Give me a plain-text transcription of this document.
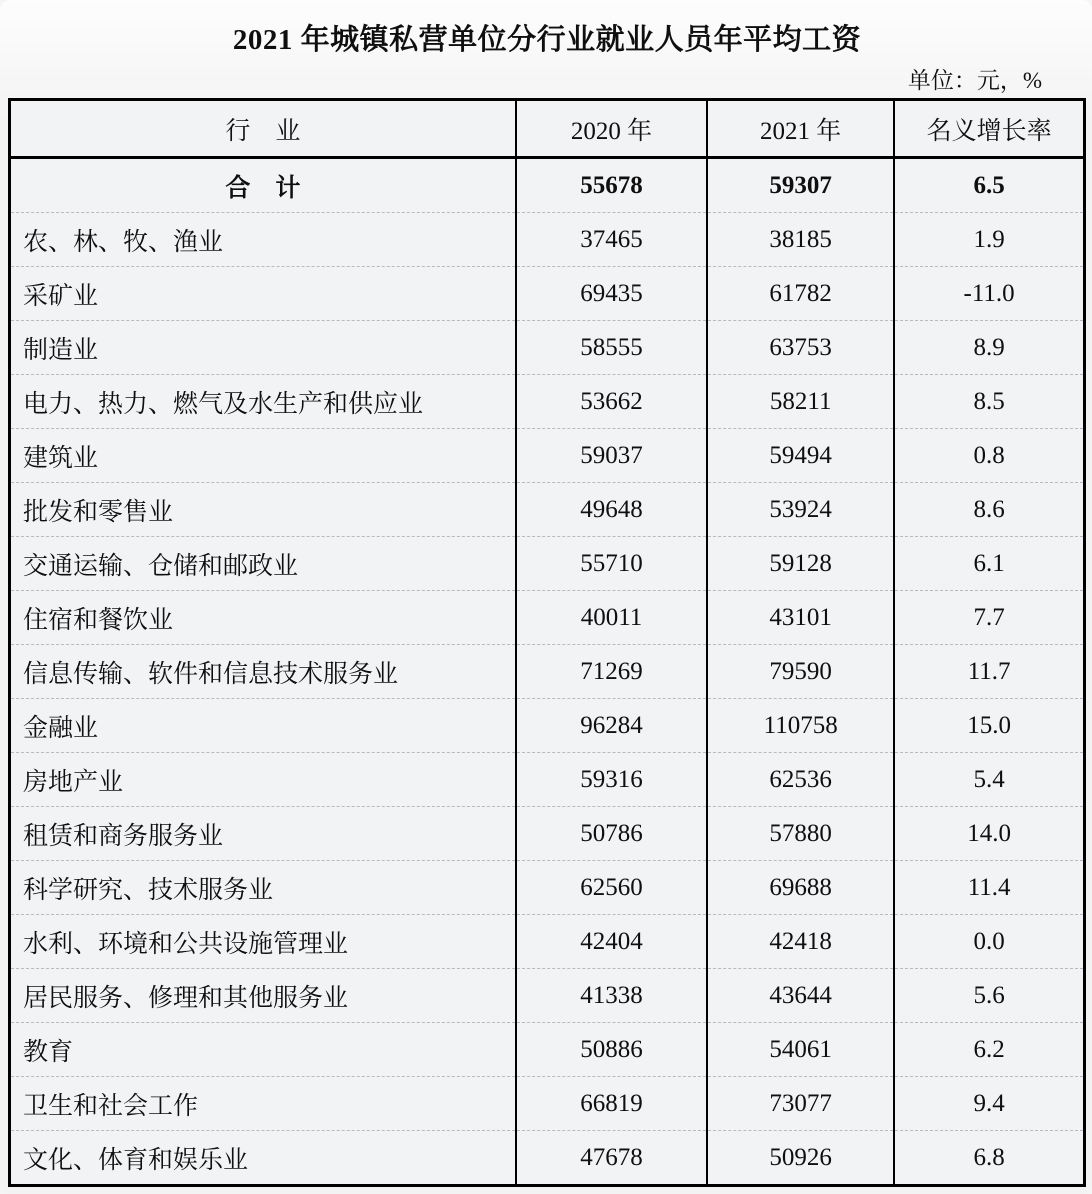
2021 年城镇私营单位分行业就业人员年平均工资
单位：元，%
行　业	2020 年	2021 年	名义增长率
合　计	55678	59307	6.5
农、林、牧、渔业	37465	38185	1.9
采矿业	69435	61782	-11.0
制造业	58555	63753	8.9
电力、热力、燃气及水生产和供应业	53662	58211	8.5
建筑业	59037	59494	0.8
批发和零售业	49648	53924	8.6
交通运输、仓储和邮政业	55710	59128	6.1
住宿和餐饮业	40011	43101	7.7
信息传输、软件和信息技术服务业	71269	79590	11.7
金融业	96284	110758	15.0
房地产业	59316	62536	5.4
租赁和商务服务业	50786	57880	14.0
科学研究、技术服务业	62560	69688	11.4
水利、环境和公共设施管理业	42404	42418	0.0
居民服务、修理和其他服务业	41338	43644	5.6
教育	50886	54061	6.2
卫生和社会工作	66819	73077	9.4
文化、体育和娱乐业	47678	50926	6.8
